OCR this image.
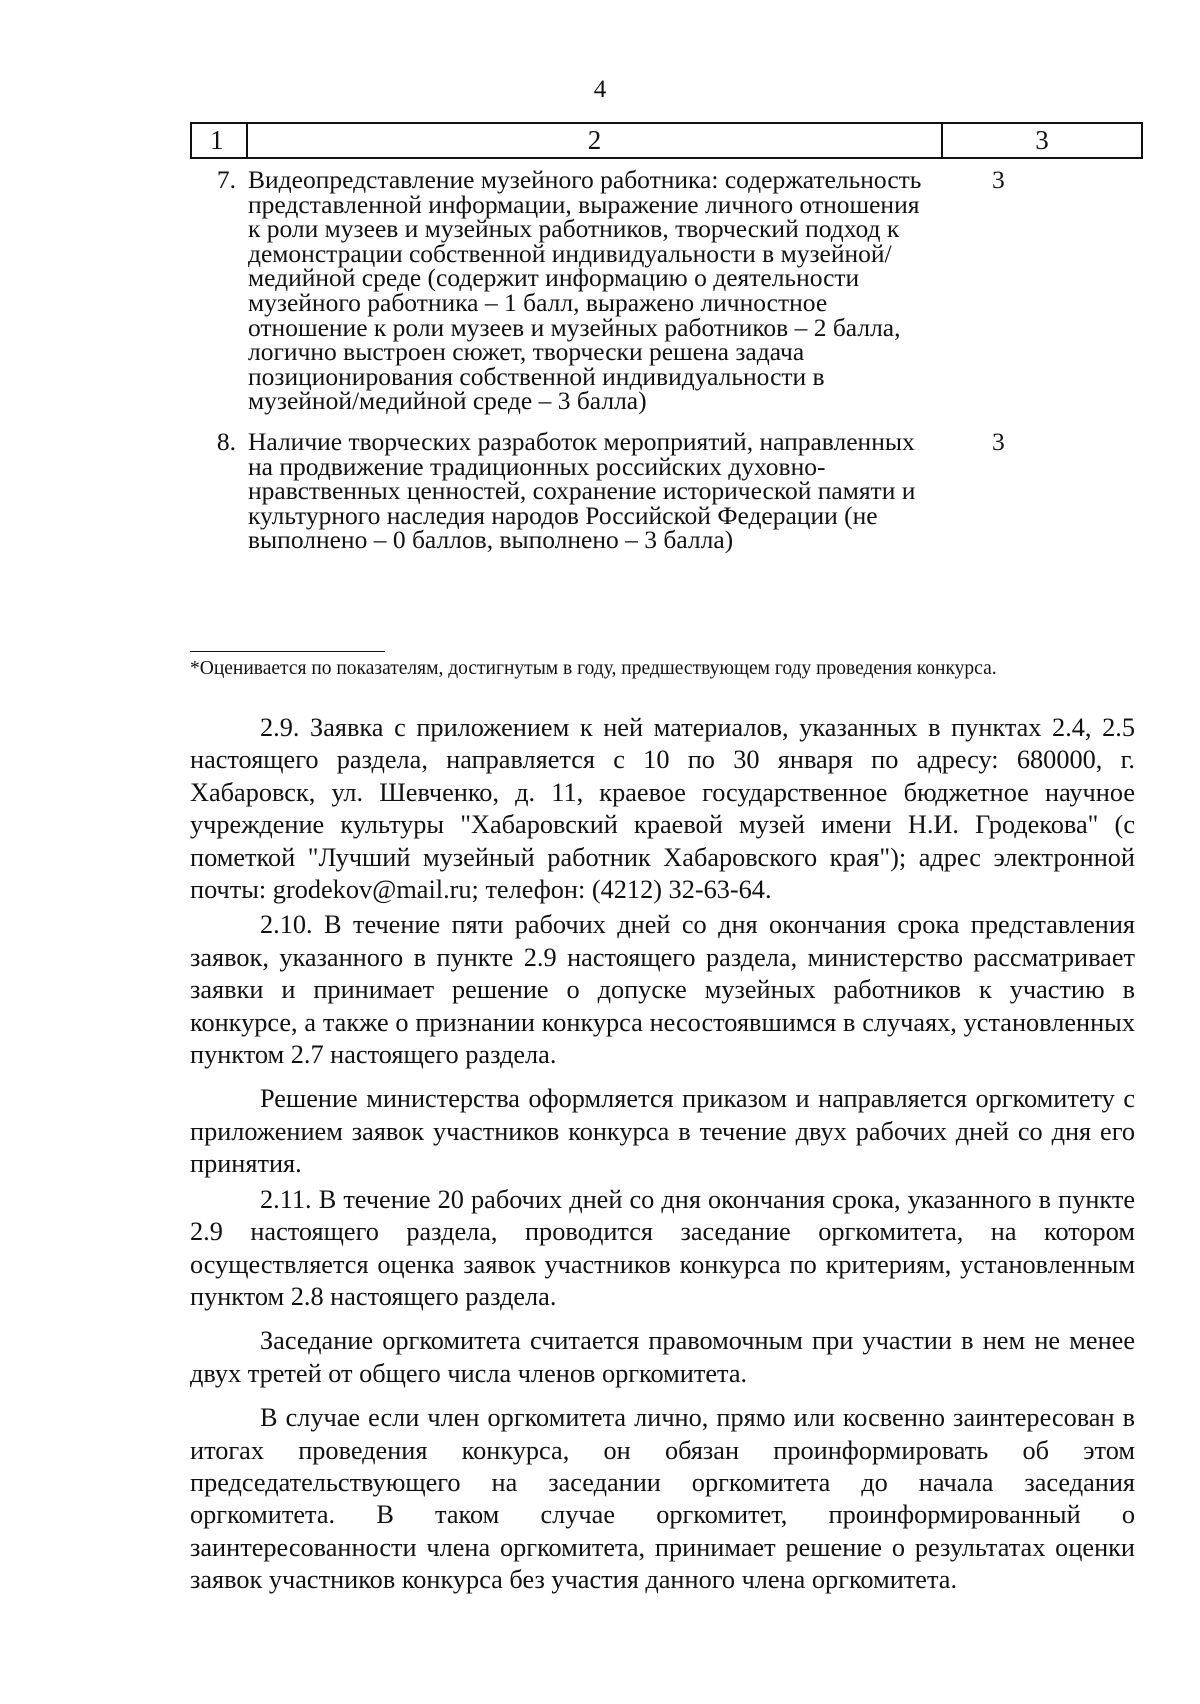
4
1	2	3
7. Видеопредставление музейного работника: содержательность представленной информации, выражение личного отношения к роли музеев и музейных работников, творческий подход к демонстрации собственной индивидуальности в музейной/медийной среде (содержит информацию о деятельности музейного работника – 1 балл, выражено личностное отношение к роли музеев и музейных работников – 2 балла, логично выстроен сюжет, творчески решена задача позиционирования собственной индивидуальности в музейной/медийной среде – 3 балла)
3
8. Наличие творческих разработок мероприятий, направленных на продвижение традиционных российских духовно-нравственных ценностей, сохранение исторической памяти и культурного наследия народов Российской Федерации (не выполнено – 0 баллов, выполнено – 3 балла)
3
*Оценивается по показателям, достигнутым в году, предшествующем году проведения конкурса.

2.9. Заявка с приложением к ней материалов, указанных в пунктах 2.4, 2.5 настоящего раздела, направляется с 10 по 30 января по адресу: 680000, г. Хабаровск, ул. Шевченко, д. 11, краевое государственное бюджетное научное учреждение культуры "Хабаровский краевой музей имени Н.И. Гродекова" (с пометкой "Лучший музейный работник Хабаровского края"); адрес электронной почты: grodekov@mail.ru; телефон: (4212) 32-63-64.

2.10. В течение пяти рабочих дней со дня окончания срока представления заявок, указанного в пункте 2.9 настоящего раздела, министерство рассматривает заявки и принимает решение о допуске музейных работников к участию в конкурсе, а также о признании конкурса несостоявшимся в случаях, установленных пунктом 2.7 настоящего раздела.

Решение министерства оформляется приказом и направляется оргкомитету с приложением заявок участников конкурса в течение двух рабочих дней со дня его принятия.

2.11. В течение 20 рабочих дней со дня окончания срока, указанного в пункте 2.9 настоящего раздела, проводится заседание оргкомитета, на котором осуществляется оценка заявок участников конкурса по критериям, установленным пунктом 2.8 настоящего раздела.

Заседание оргкомитета считается правомочным при участии в нем не менее двух третей от общего числа членов оргкомитета.

В случае если член оргкомитета лично, прямо или косвенно заинтересован в итогах проведения конкурса, он обязан проинформировать об этом председательствующего на заседании оргкомитета до начала заседания оргкомитета. В таком случае оргкомитет, проинформированный о заинтересованности члена оргкомитета, принимает решение о результатах оценки заявок участников конкурса без участия данного члена оргкомитета.
